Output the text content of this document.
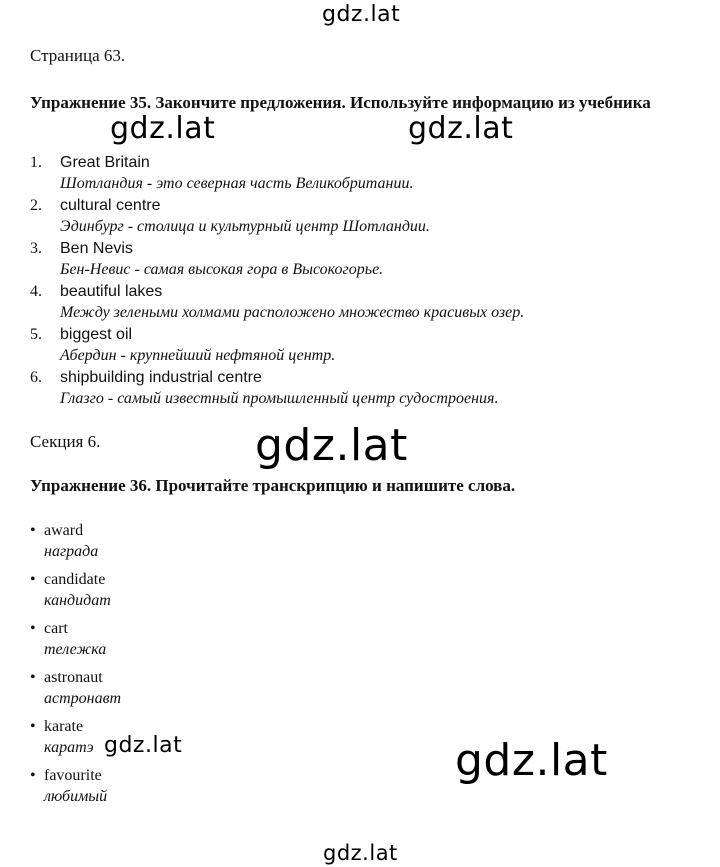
gdz.lat
Страница 63.
Упражнение 35. Закончите предложения. Используйте информацию из учебника
gdz.lat	gdz.lat
1. Great Britain
Шотландия - это северная часть Великобритании.
2. cultural centre
Эдинбург - столица и культурный центр Шотландии.
3. Ben Nevis
Бен-Невис - самая высокая гора в Высокогорье.
4. beautiful lakes
Между зелеными холмами расположено множество красивых озер.
5. biggest oil
Абердин - крупнейший нефтяной центр.
6. shipbuilding industrial centre
Глазго - самый известный промышленный центр судостроения.
Секция 6.	gdz.lat
Упражнение 36. Прочитайте транскрипцию и напишите слова.
• award
награда
• candidate
кандидат
• cart
тележка
• astronaut
астронавт
• karate
каратэ
• favourite
любимый
gdz.lat	gdz.lat
gdz.lat
